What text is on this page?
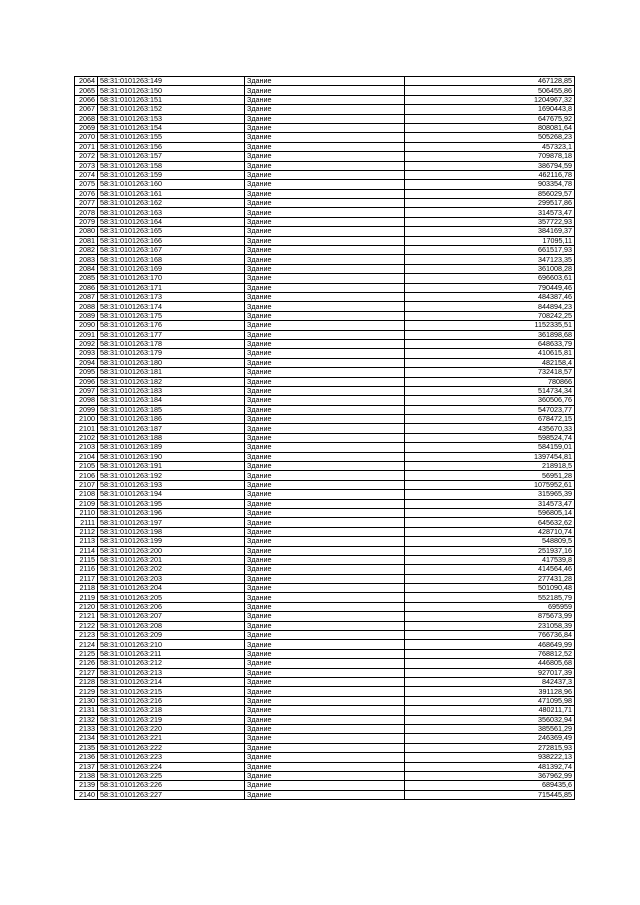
2064	58:31:0101263:149	Здание	467128,85
2065	58:31:0101263:150	Здание	506455,86
2066	58:31:0101263:151	Здание	1204967,32
2067	58:31:0101263:152	Здание	1690443,8
2068	58:31:0101263:153	Здание	647675,92
2069	58:31:0101263:154	Здание	808081,64
2070	58:31:0101263:155	Здание	505268,23
2071	58:31:0101263:156	Здание	457323,1
2072	58:31:0101263:157	Здание	709878,18
2073	58:31:0101263:158	Здание	386794,59
2074	58:31:0101263:159	Здание	462116,78
2075	58:31:0101263:160	Здание	903354,78
2076	58:31:0101263:161	Здание	856029,57
2077	58:31:0101263:162	Здание	299517,86
2078	58:31:0101263:163	Здание	314573,47
2079	58:31:0101263:164	Здание	357722,93
2080	58:31:0101263:165	Здание	384169,37
2081	58:31:0101263:166	Здание	17095,11
2082	58:31:0101263:167	Здание	661517,93
2083	58:31:0101263:168	Здание	347123,35
2084	58:31:0101263:169	Здание	361008,28
2085	58:31:0101263:170	Здание	696603,61
2086	58:31:0101263:171	Здание	790449,46
2087	58:31:0101263:173	Здание	484387,46
2088	58:31:0101263:174	Здание	844894,23
2089	58:31:0101263:175	Здание	708242,25
2090	58:31:0101263:176	Здание	1152335,51
2091	58:31:0101263:177	Здание	361898,68
2092	58:31:0101263:178	Здание	648633,79
2093	58:31:0101263:179	Здание	410615,81
2094	58:31:0101263:180	Здание	482158,4
2095	58:31:0101263:181	Здание	732418,57
2096	58:31:0101263:182	Здание	780866
2097	58:31:0101263:183	Здание	514734,34
2098	58:31:0101263:184	Здание	360506,76
2099	58:31:0101263:185	Здание	547023,77
2100	58:31:0101263:186	Здание	678472,15
2101	58:31:0101263:187	Здание	435670,33
2102	58:31:0101263:188	Здание	598524,74
2103	58:31:0101263:189	Здание	584159,01
2104	58:31:0101263:190	Здание	1397454,81
2105	58:31:0101263:191	Здание	218918,5
2106	58:31:0101263:192	Здание	56951,28
2107	58:31:0101263:193	Здание	1075952,61
2108	58:31:0101263:194	Здание	315965,39
2109	58:31:0101263:195	Здание	314573,47
2110	58:31:0101263:196	Здание	596805,14
2111	58:31:0101263:197	Здание	645632,62
2112	58:31:0101263:198	Здание	428710,74
2113	58:31:0101263:199	Здание	548809,5
2114	58:31:0101263:200	Здание	251937,16
2115	58:31:0101263:201	Здание	417539,8
2116	58:31:0101263:202	Здание	414564,46
2117	58:31:0101263:203	Здание	277431,28
2118	58:31:0101263:204	Здание	501090,48
2119	58:31:0101263:205	Здание	552185,79
2120	58:31:0101263:206	Здание	695959
2121	58:31:0101263:207	Здание	875673,99
2122	58:31:0101263:208	Здание	231058,39
2123	58:31:0101263:209	Здание	766736,84
2124	58:31:0101263:210	Здание	468649,99
2125	58:31:0101263:211	Здание	768812,52
2126	58:31:0101263:212	Здание	446805,68
2127	58:31:0101263:213	Здание	927017,39
2128	58:31:0101263:214	Здание	842437,3
2129	58:31:0101263:215	Здание	391128,96
2130	58:31:0101263:216	Здание	471095,98
2131	58:31:0101263:218	Здание	480211,71
2132	58:31:0101263:219	Здание	356032,94
2133	58:31:0101263:220	Здание	385561,29
2134	58:31:0101263:221	Здание	246369,49
2135	58:31:0101263:222	Здание	272815,93
2136	58:31:0101263:223	Здание	938222,13
2137	58:31:0101263:224	Здание	481392,74
2138	58:31:0101263:225	Здание	367962,99
2139	58:31:0101263:226	Здание	689435,6
2140	58:31:0101263:227	Здание	715445,85
